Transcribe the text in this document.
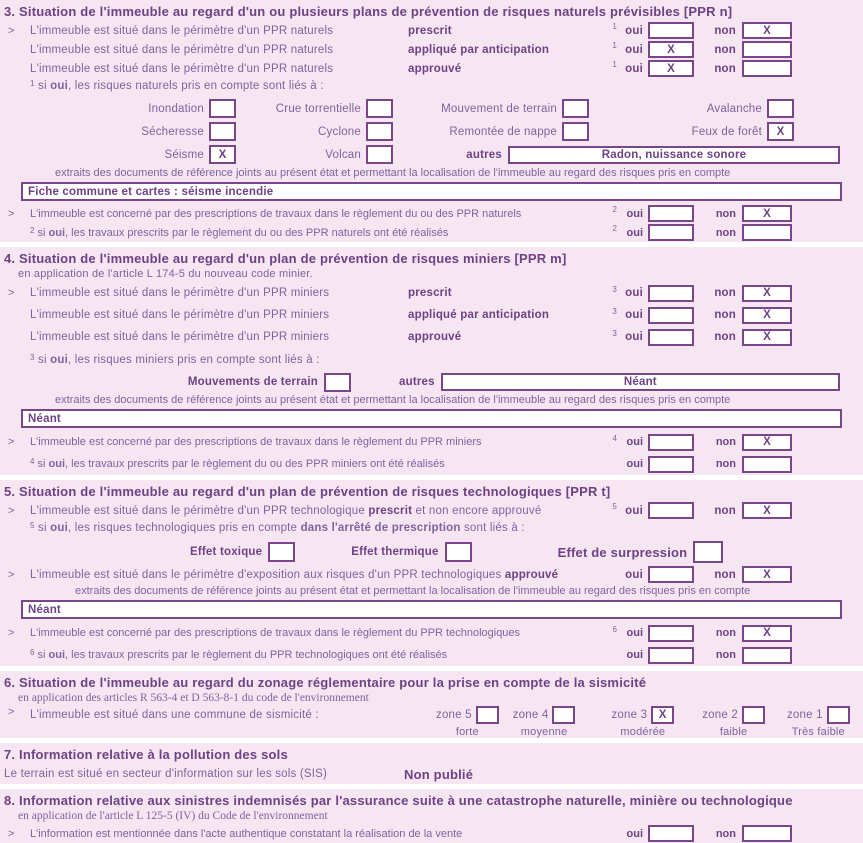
3. Situation de l'immeuble au regard d'un ou plusieurs plans de prévention de risques naturels prévisibles [PPR n]
>	L'immeuble est situé dans le périmètre d'un PPR naturels	prescrit	1 oui	non	X
L'immeuble est situé dans le périmètre d'un PPR naturels	appliqué par anticipation	1 oui	X	non
L'immeuble est situé dans le périmètre d'un PPR naturels	approuvé	1 oui	X	non
$^1$ si oui, les risques naturels pris en compte sont liés à :
Inondation	Crue torrentielle	Mouvement de terrain	Avalanche
Sécheresse	Cyclone	Remontée de nappe	Feux de forêt	X
Séisme	X	Volcan	autres	Radon, nuissance sonore
extraits des documents de référence joints au présent état et permettant la localisation de l'immeuble au regard des risques pris en compte
Fiche commune et cartes : séisme incendie
>	L'immeuble est concerné par des prescriptions de travaux dans le règlement du ou des PPR naturels	2 oui	non	X
$^2$ si oui, les travaux prescrits par le règlement du ou des PPR naturels ont été réalisés	2 oui	non
4. Situation de l'immeuble au regard d'un plan de prévention de risques miniers [PPR m]
en application de l'article L 174-5 du nouveau code minier.
>	L'immeuble est situé dans le périmètre d'un PPR miniers	prescrit	3 oui	non	X
L'immeuble est situé dans le périmètre d'un PPR miniers	appliqué par anticipation	3 oui	non	X
L'immeuble est situé dans le périmètre d'un PPR miniers	approuvé	3 oui	non	X
$^3$ si oui, les risques miniers pris en compte sont liés à :
Mouvements de terrain	autres	Néant
extraits des documents de référence joints au présent état et permettant la localisation de l'immeuble au regard des risques pris en compte
Néant
>	L'immeuble est concerné par des prescriptions de travaux dans le règlement du PPR miniers	4 oui	non	X
$^4$ si oui, les travaux prescrits par le règlement du ou des PPR miniers ont été réalisés	oui	non
5. Situation de l'immeuble au regard d'un plan de prévention de risques technologiques [PPR t]
>	L'immeuble est situé dans le périmètre d'un PPR technologique prescrit et non encore approuvé	5 oui	non	X
$^5$ si oui, les risques technologiques pris en compte dans l'arrêté de prescription sont liés à :
Effet toxique	Effet thermique	Effet de surpression
>	L'immeuble est situé dans le périmètre d'exposition aux risques d'un PPR technologiques approuvé	oui	non	X
extraits des documents de référence joints au présent état et permettant la localisation de l'immeuble au regard des risques pris en compte
Néant
>	L'immeuble est concerné par des prescriptions de travaux dans le règlement du PPR technologiques	6 oui	non	X
$^6$ si oui, les travaux prescrits par le règlement du PPR technologiques ont été réalisés	oui	non
6. Situation de l'immeuble au regard du zonage réglementaire pour la prise en compte de la sismicité
en application des articles R 563-4 et D 563-8-1 du code de l'environnement
>	L'immeuble est situé dans une commune de sismicité :	zone 5
forte
zone 4
moyenne
zone 3	X
modérée
zone 2
faible
zone 1
Très faible
7. Information relative à la pollution des sols
Le terrain est situé en secteur d'information sur les sols (SIS)	Non publié
8. Information relative aux sinistres indemnisés par l'assurance suite à une catastrophe naturelle, minière ou technologique
en application de l'article L 125-5 (IV) du Code de l'environnement
>	L'information est mentionnée dans l'acte authentique constatant la réalisation de la vente	oui	non
